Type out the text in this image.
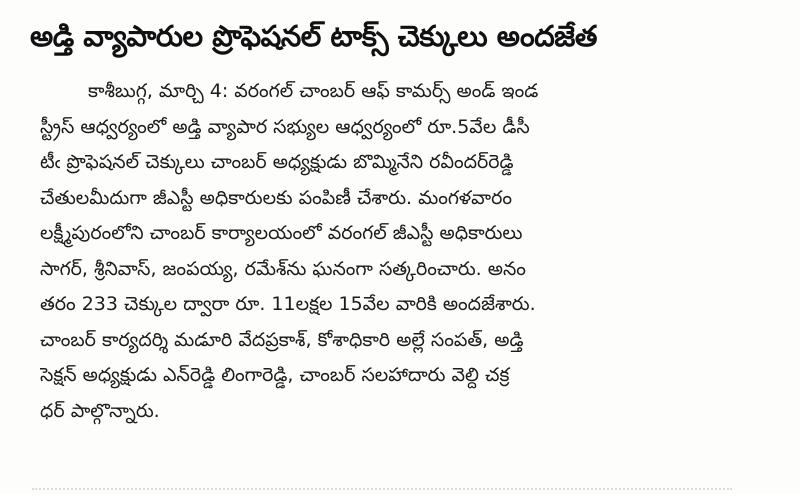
అడ్తి వ్యాపారుల ప్రొఫెషనల్ టాక్స్ చెక్కులు అందజేత
కాశీబుగ్గ, మార్చి 4: వరంగల్ చాంబర్ ఆఫ్ కామర్స్ అండ్ ఇండ
స్ట్రీస్ ఆధ్వర్యంలో అడ్తి వ్యాపార సభ్యుల ఆధ్వర్యంలో రూ.5వేల డీసీ
టీఁ ప్రొఫెషనల్ చెక్కులు చాంబర్ అధ్యక్షుడు బొమ్మినేని రవీందర్‌రెడ్డి
చేతులమీదుగా జీఎస్టీ అధికారులకు పంపిణీ చేశారు. మంగళవారం
లక్ష్మీపురంలోని చాంబర్ కార్యాలయంలో వరంగల్ జీఎస్టీ అధికారులు
సాగర్, శ్రీనివాస్, జంపయ్య, రమేశ్‌ను ఘనంగా సత్కరించారు. అనం
తరం 233 చెక్కుల ద్వారా రూ. 11లక్షల 15వేల వారికి అందజేశారు.
చాంబర్ కార్యదర్శి మడూరి వేదప్రకాశ్, కోశాధికారి అల్లే సంపత్, అడ్తి
సెక్షన్ అధ్యక్షుడు ఎన్‌రెడ్డి లింగారెడ్డి, చాంబర్ సలహాదారు వెల్ది చక్ర
ధర్ పాల్గొన్నారు.
